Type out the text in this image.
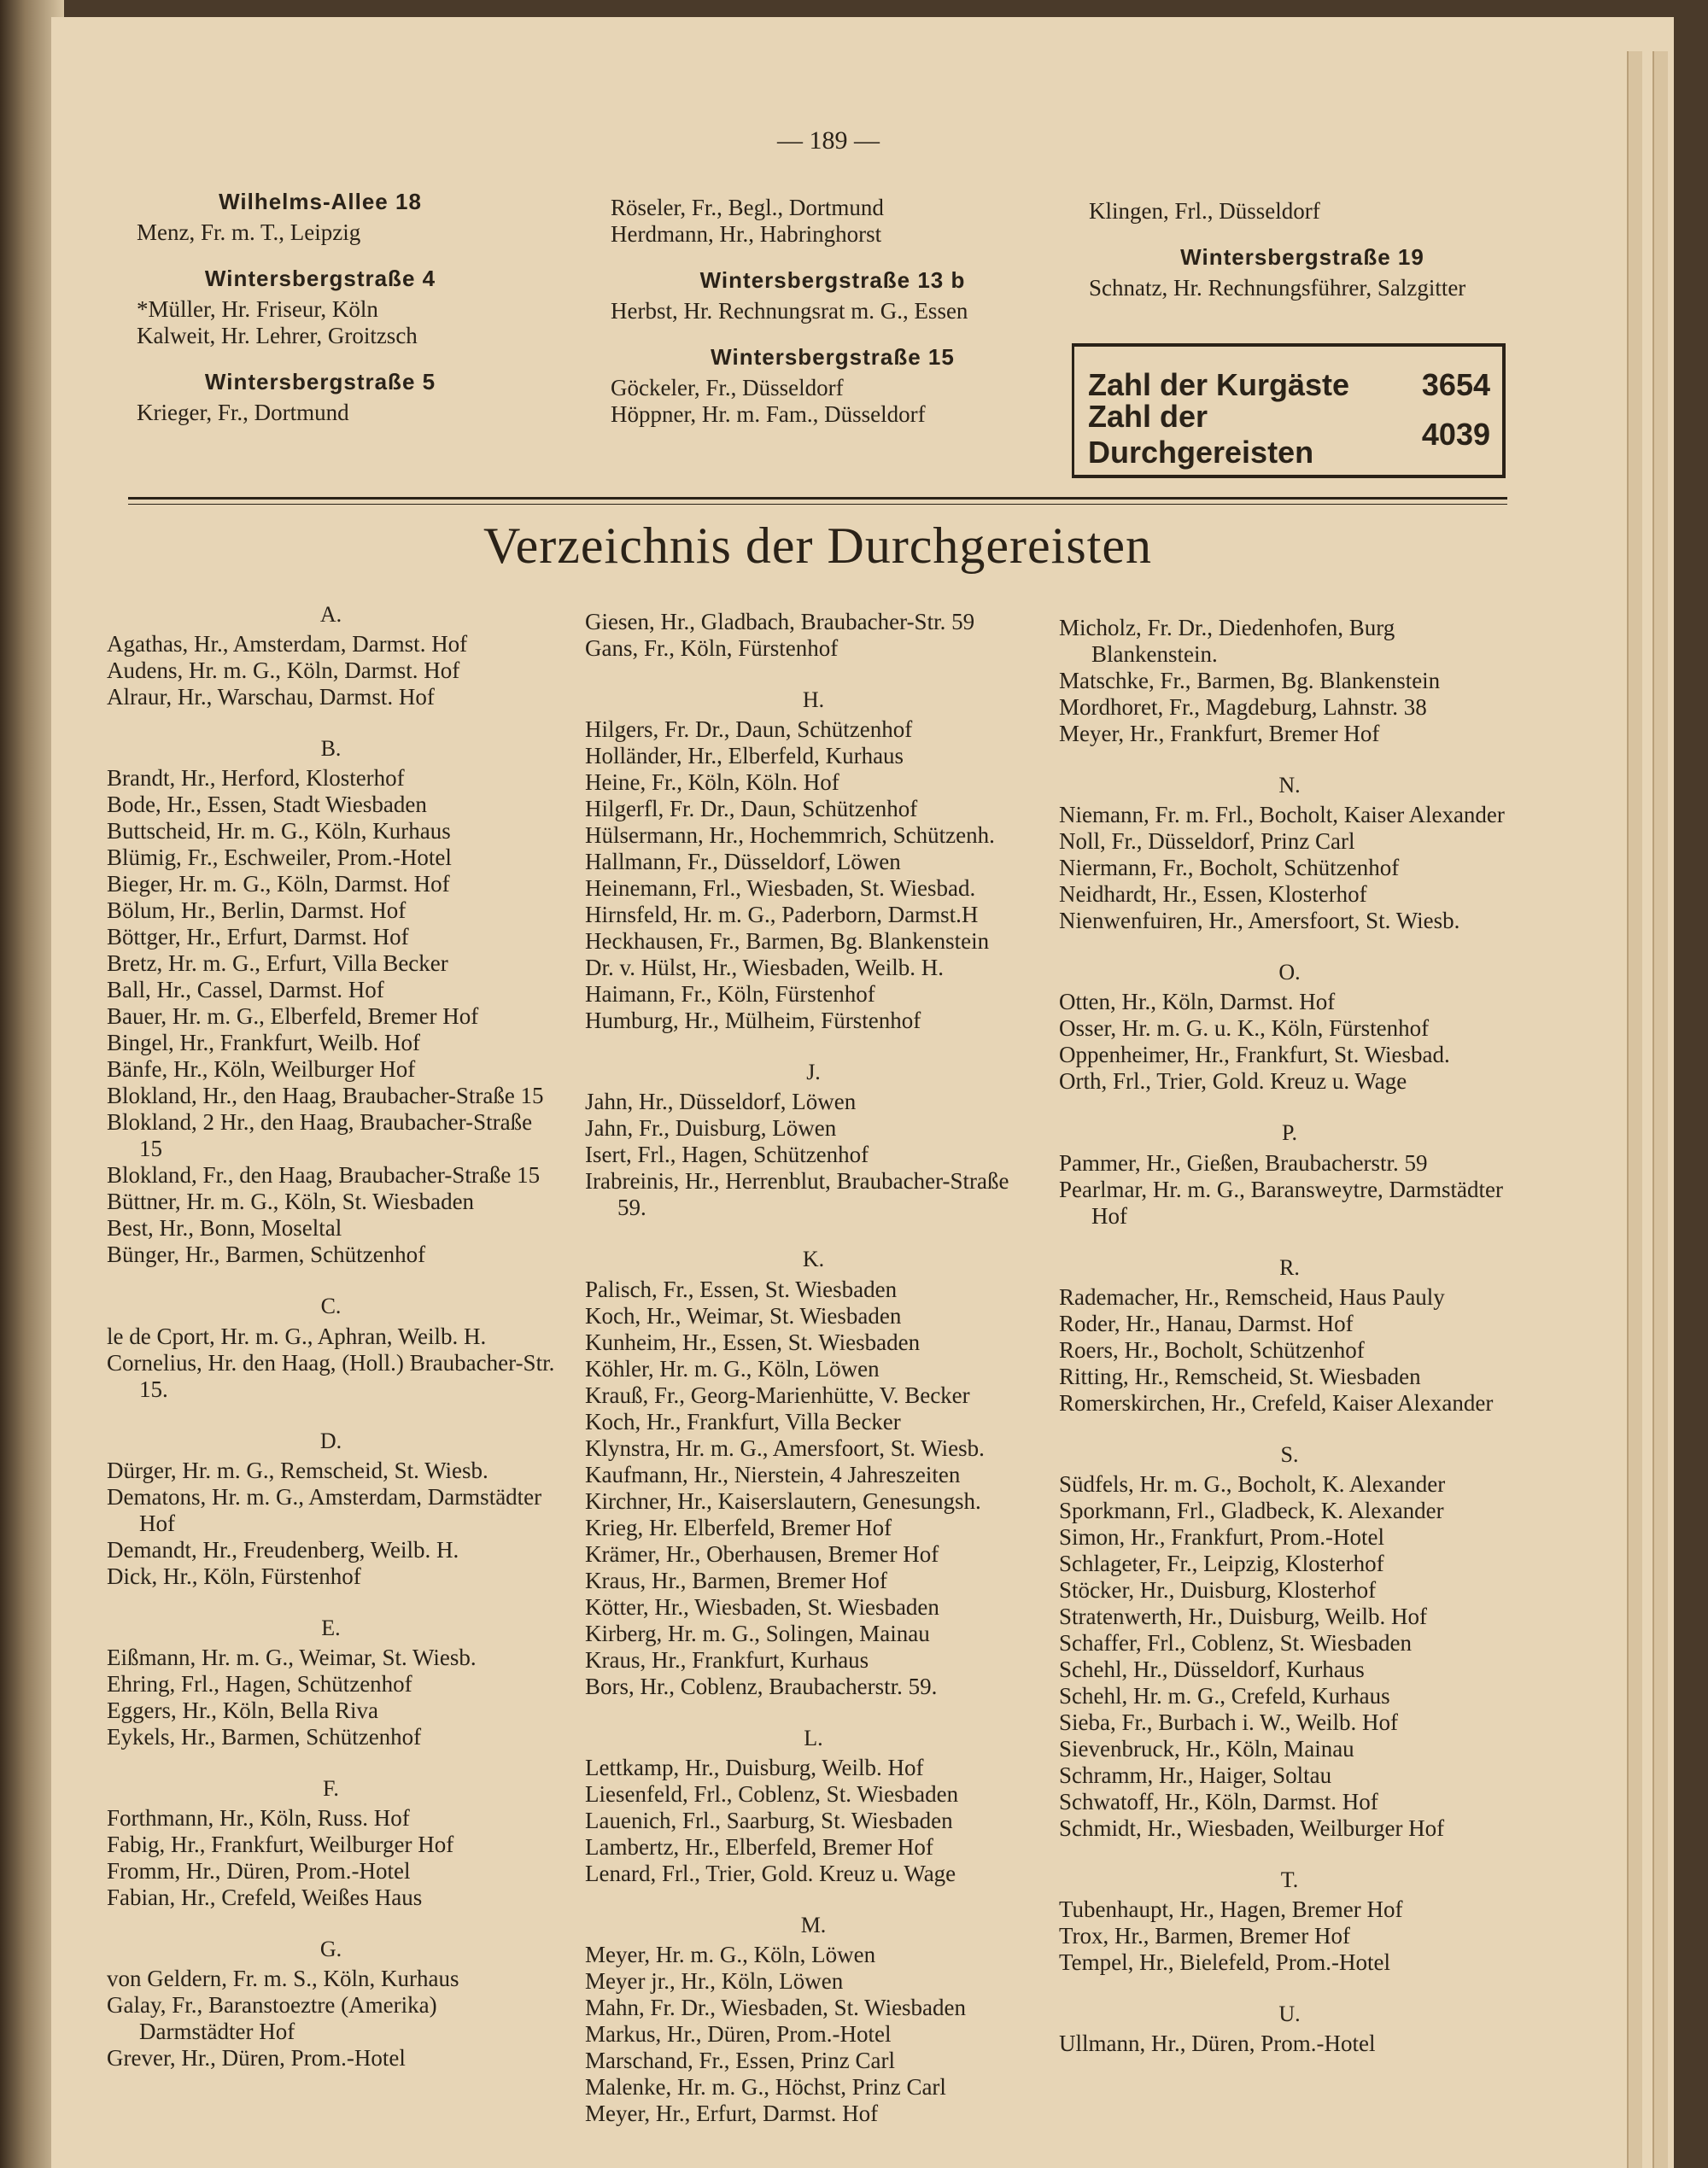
— 189 —
Wilhelms-Allee 18
Menz, Fr. m. T., Leipzig
Wintersbergstraße 4
*Müller, Hr. Friseur, Köln
Kalweit, Hr. Lehrer, Groitzsch
Wintersbergstraße 5
Krieger, Fr., Dortmund
Röseler, Fr., Begl., Dortmund
Herdmann, Hr., Habringhorst
Wintersbergstraße 13 b
Herbst, Hr. Rechnungsrat m. G., Essen
Wintersbergstraße 15
Göckeler, Fr., Düsseldorf
Höppner, Hr. m. Fam., Düsseldorf
Klingen, Frl., Düsseldorf
Wintersbergstraße 19
Schnatz, Hr. Rechnungsführer, Salzgitter
Zahl der Kurgäste 3654
Zahl der Durchgereisten
4039
Verzeichnis der Durchgereisten
A.
Agathas, Hr., Amsterdam, Darmst. Hof
Audens, Hr. m. G., Köln, Darmst. Hof
Alraur, Hr., Warschau, Darmst. Hof
B.
Brandt, Hr., Herford, Klosterhof
Bode, Hr., Essen, Stadt Wiesbaden
Buttscheid, Hr. m. G., Köln, Kurhaus
Blümig, Fr., Eschweiler, Prom.-Hotel
Bieger, Hr. m. G., Köln, Darmst. Hof
Bölum, Hr., Berlin, Darmst. Hof
Böttger, Hr., Erfurt, Darmst. Hof
Bretz, Hr. m. G., Erfurt, Villa Becker
Ball, Hr., Cassel, Darmst. Hof
Bauer, Hr. m. G., Elberfeld, Bremer Hof
Bingel, Hr., Frankfurt, Weilb. Hof
Bänfe, Hr., Köln, Weilburger Hof
Blokland, Hr., den Haag, Braubacher-Straße 15
Blokland, 2 Hr., den Haag, Braubacher-Straße 15
Blokland, Fr., den Haag, Braubacher-Straße 15
Büttner, Hr. m. G., Köln, St. Wiesbaden
Best, Hr., Bonn, Moseltal
Bünger, Hr., Barmen, Schützenhof
C.
le de Cport, Hr. m. G., Aphran, Weilb. H.
Cornelius, Hr. den Haag, (Holl.) Braubacher-Str. 15.
D.
Dürger, Hr. m. G., Remscheid, St. Wiesb.
Dematons, Hr. m. G., Amsterdam, Darmstädter Hof
Demandt, Hr., Freudenberg, Weilb. H.
Dick, Hr., Köln, Fürstenhof
E.
Eißmann, Hr. m. G., Weimar, St. Wiesb.
Ehring, Frl., Hagen, Schützenhof
Eggers, Hr., Köln, Bella Riva
Eykels, Hr., Barmen, Schützenhof
F.
Forthmann, Hr., Köln, Russ. Hof
Fabig, Hr., Frankfurt, Weilburger Hof
Fromm, Hr., Düren, Prom.-Hotel
Fabian, Hr., Crefeld, Weißes Haus
G.
von Geldern, Fr. m. S., Köln, Kurhaus
Galay, Fr., Baranstoeztre (Amerika) Darmstädter Hof
Grever, Hr., Düren, Prom.-Hotel
Giesen, Hr., Gladbach, Braubacher-Str. 59
Gans, Fr., Köln, Fürstenhof
H.
Hilgers, Fr. Dr., Daun, Schützenhof
Holländer, Hr., Elberfeld, Kurhaus
Heine, Fr., Köln, Köln. Hof
Hilgerfl, Fr. Dr., Daun, Schützenhof
Hülsermann, Hr., Hochemmrich, Schützenh.
Hallmann, Fr., Düsseldorf, Löwen
Heinemann, Frl., Wiesbaden, St. Wiesbad.
Hirnsfeld, Hr. m. G., Paderborn, Darmst.H
Heckhausen, Fr., Barmen, Bg. Blankenstein
Dr. v. Hülst, Hr., Wiesbaden, Weilb. H.
Haimann, Fr., Köln, Fürstenhof
Humburg, Hr., Mülheim, Fürstenhof
J.
Jahn, Hr., Düsseldorf, Löwen
Jahn, Fr., Duisburg, Löwen
Isert, Frl., Hagen, Schützenhof
Irabreinis, Hr., Herrenblut, Braubacher-Straße 59.
K.
Palisch, Fr., Essen, St. Wiesbaden
Koch, Hr., Weimar, St. Wiesbaden
Kunheim, Hr., Essen, St. Wiesbaden
Köhler, Hr. m. G., Köln, Löwen
Krauß, Fr., Georg-Marienhütte, V. Becker
Koch, Hr., Frankfurt, Villa Becker
Klynstra, Hr. m. G., Amersfoort, St. Wiesb.
Kaufmann, Hr., Nierstein, 4 Jahreszeiten
Kirchner, Hr., Kaiserslautern, Genesungsh.
Krieg, Hr. Elberfeld, Bremer Hof
Krämer, Hr., Oberhausen, Bremer Hof
Kraus, Hr., Barmen, Bremer Hof
Kötter, Hr., Wiesbaden, St. Wiesbaden
Kirberg, Hr. m. G., Solingen, Mainau
Kraus, Hr., Frankfurt, Kurhaus
Bors, Hr., Coblenz, Braubacherstr. 59.
L.
Lettkamp, Hr., Duisburg, Weilb. Hof
Liesenfeld, Frl., Coblenz, St. Wiesbaden
Lauenich, Frl., Saarburg, St. Wiesbaden
Lambertz, Hr., Elberfeld, Bremer Hof
Lenard, Frl., Trier, Gold. Kreuz u. Wage
M.
Meyer, Hr. m. G., Köln, Löwen
Meyer jr., Hr., Köln, Löwen
Mahn, Fr. Dr., Wiesbaden, St. Wiesbaden
Markus, Hr., Düren, Prom.-Hotel
Marschand, Fr., Essen, Prinz Carl
Malenke, Hr. m. G., Höchst, Prinz Carl
Meyer, Hr., Erfurt, Darmst. Hof
Micholz, Fr. Dr., Diedenhofen, Burg Blankenstein.
Matschke, Fr., Barmen, Bg. Blankenstein
Mordhoret, Fr., Magdeburg, Lahnstr. 38
Meyer, Hr., Frankfurt, Bremer Hof
N.
Niemann, Fr. m. Frl., Bocholt, Kaiser Alexander
Noll, Fr., Düsseldorf, Prinz Carl
Niermann, Fr., Bocholt, Schützenhof
Neidhardt, Hr., Essen, Klosterhof
Nienwenfuiren, Hr., Amersfoort, St. Wiesb.
O.
Otten, Hr., Köln, Darmst. Hof
Osser, Hr. m. G. u. K., Köln, Fürstenhof
Oppenheimer, Hr., Frankfurt, St. Wiesbad.
Orth, Frl., Trier, Gold. Kreuz u. Wage
P.
Pammer, Hr., Gießen, Braubacherstr. 59
Pearlmar, Hr. m. G., Baranswеytre, Darmstädter Hof
R.
Rademacher, Hr., Remscheid, Haus Pauly
Roder, Hr., Hanau, Darmst. Hof
Roers, Hr., Bocholt, Schützenhof
Ritting, Hr., Remscheid, St. Wiesbaden
Romerskirchen, Hr., Crefeld, Kaiser Alexander
S.
Südfels, Hr. m. G., Bocholt, K. Alexander
Sporkmann, Frl., Gladbeck, K. Alexander
Simon, Hr., Frankfurt, Prom.-Hotel
Schlageter, Fr., Leipzig, Klosterhof
Stöcker, Hr., Duisburg, Klosterhof
Stratenwerth, Hr., Duisburg, Weilb. Hof
Schaffer, Frl., Coblenz, St. Wiesbaden
Schehl, Hr., Düsseldorf, Kurhaus
Schehl, Hr. m. G., Crefeld, Kurhaus
Sieba, Fr., Burbach i. W., Weilb. Hof
Sievenbruck, Hr., Köln, Mainau
Schramm, Hr., Haiger, Soltau
Schwatoff, Hr., Köln, Darmst. Hof
Schmidt, Hr., Wiesbaden, Weilburger Hof
T.
Tubenhaupt, Hr., Hagen, Bremer Hof
Trox, Hr., Barmen, Bremer Hof
Tempel, Hr., Bielefeld, Prom.-Hotel
U.
Ullmann, Hr., Düren, Prom.-Hotel
